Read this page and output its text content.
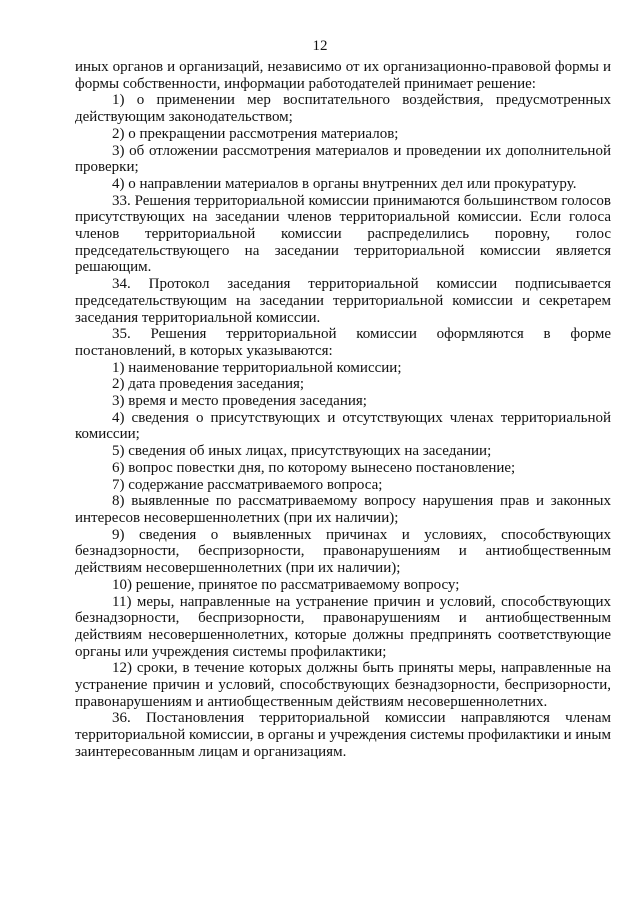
12

иных органов и организаций, независимо от их организационно-правовой формы и формы собственности, информации работодателей принимает решение:

1) о применении мер воспитательного воздействия, предусмотренных действующим законодательством;

2) о прекращении рассмотрения материалов;

3) об отложении рассмотрения материалов и проведении их дополнительной проверки;

4) о направлении материалов в органы внутренних дел или прокуратуру.

33. Решения территориальной комиссии принимаются большинством голосов присутствующих на заседании членов территориальной комиссии. Если голоса членов территориальной комиссии распределились поровну, голос председательствующего на заседании территориальной комиссии является решающим.

34. Протокол заседания территориальной комиссии подписывается председательствующим на заседании территориальной комиссии и секретарем заседания территориальной комиссии.

35. Решения территориальной комиссии оформляются в форме постановлений, в которых указываются:

1) наименование территориальной комиссии;

2) дата проведения заседания;

3) время и место проведения заседания;

4) сведения о присутствующих и отсутствующих членах территориальной комиссии;

5) сведения об иных лицах, присутствующих на заседании;

6) вопрос повестки дня, по которому вынесено постановление;

7) содержание рассматриваемого вопроса;

8) выявленные по рассматриваемому вопросу нарушения прав и законных интересов несовершеннолетних (при их наличии);

9) сведения о выявленных причинах и условиях, способствующих безнадзорности, беспризорности, правонарушениям и антиобщественным действиям несовершеннолетних (при их наличии);

10) решение, принятое по рассматриваемому вопросу;

11) меры, направленные на устранение причин и условий, способствующих безнадзорности, беспризорности, правонарушениям и антиобщественным действиям несовершеннолетних, которые должны предпринять соответствующие органы или учреждения системы профилактики;

12) сроки, в течение которых должны быть приняты меры, направленные на устранение причин и условий, способствующих безнадзорности, беспризорности, правонарушениям и антиобщественным действиям несовершеннолетних.

36. Постановления территориальной комиссии направляются членам территориальной комиссии, в органы и учреждения системы профилактики и иным заинтересованным лицам и организациям.
